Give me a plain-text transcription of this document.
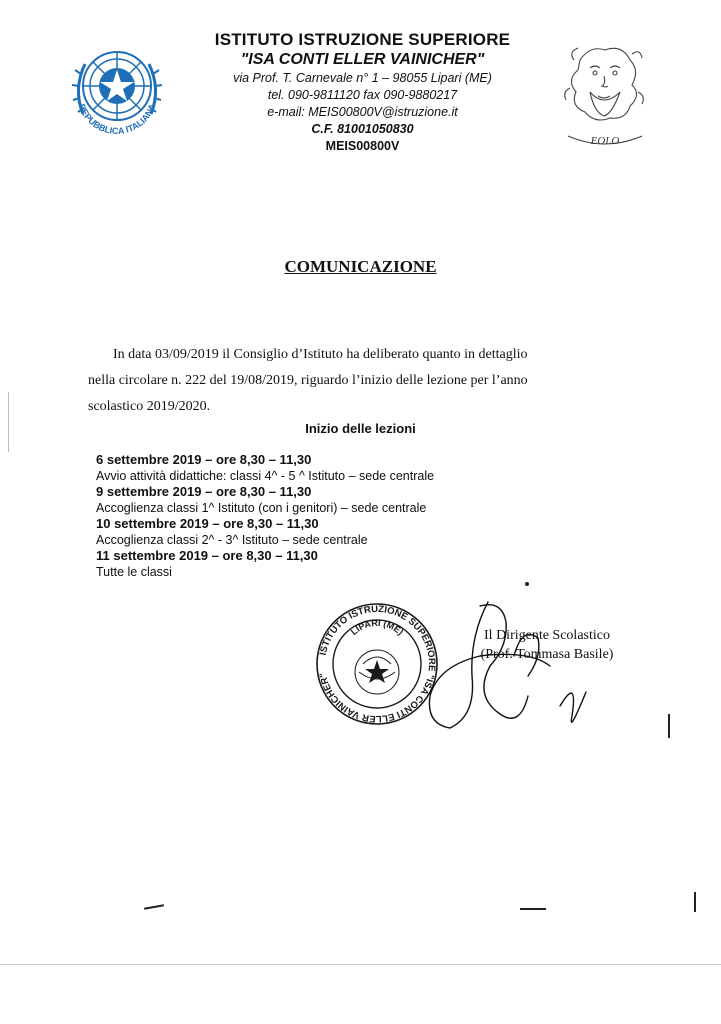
REPUBBLICA ITALIANA
ISTITUTO ISTRUZIONE SUPERIORE
"ISA CONTI ELLER VAINICHER"
via Prof. T. Carnevale n° 1 – 98055 Lipari (ME)
tel. 090-9811120 fax 090-9880217
e-mail: MEIS00800V@istruzione.it
C.F. 81001050830
MEIS00800V	EOLO
COMUNICAZIONE
In data 03/09/2019 il Consiglio d’Istituto ha deliberato quanto in dettaglio nella circolare n. 222 del 19/08/2019, riguardo l’inizio delle lezione per l’anno scolastico 2019/2020.
Inizio delle lezioni
6 settembre 2019 – ore 8,30 – 11,30
Avvio attività didattiche: classi 4^ - 5 ^ Istituto – sede centrale
9 settembre 2019 – ore 8,30 – 11,30
Accoglienza classi 1^ Istituto (con i genitori) – sede centrale
10 settembre 2019 – ore 8,30 – 11,30
Accoglienza classi 2^ - 3^ Istituto – sede centrale
11 settembre 2019 – ore 8,30 – 11,30
Tutte le classi
ISTITUTO ISTRUZIONE SUPERIORE "ISA CONTI ELLER VAINICHER"
LIPARI (ME)	Il Dirigente Scolastico
(Prof. Tommasa Basile)
